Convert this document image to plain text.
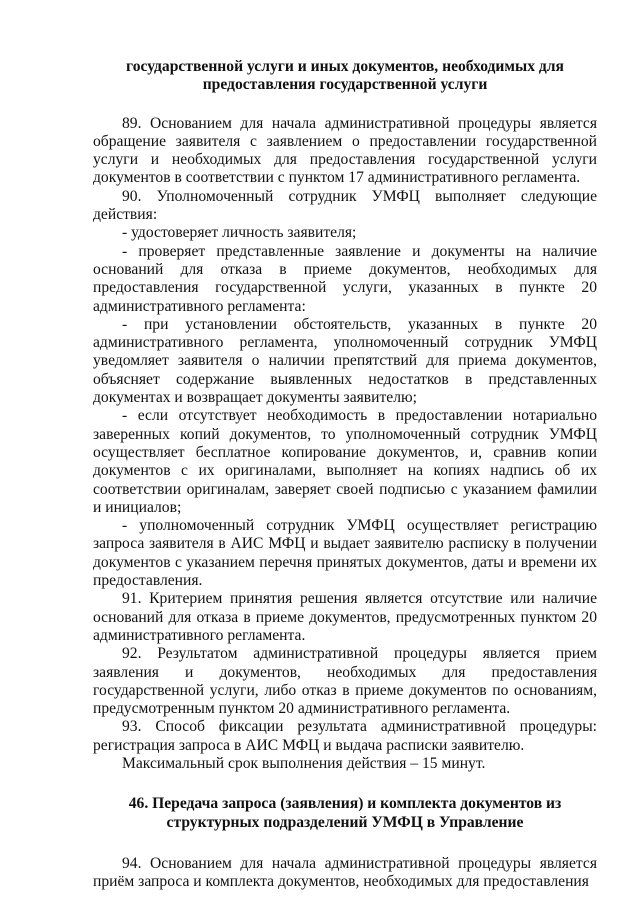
государственной услуги и иных документов, необходимых для предоставления государственной услуги

89. Основанием для начала административной процедуры является обращение заявителя с заявлением о предоставлении государственной услуги и необходимых для предоставления государственной услуги документов в соответствии с пунктом 17 административного регламента.

90. Уполномоченный сотрудник УМФЦ выполняет следующие действия:

- удостоверяет личность заявителя;

- проверяет представленные заявление и документы на наличие оснований для отказа в приеме документов, необходимых для предоставления государственной услуги, указанных в пункте 20 административного регламента:

- при установлении обстоятельств, указанных в пункте 20 административного регламента, уполномоченный сотрудник УМФЦ уведомляет заявителя о наличии препятствий для приема документов, объясняет содержание выявленных недостатков в представленных документах и возвращает документы заявителю;

- если отсутствует необходимость в предоставлении нотариально заверенных копий документов, то уполномоченный сотрудник УМФЦ осуществляет бесплатное копирование документов, и, сравнив копии документов с их оригиналами, выполняет на копиях надпись об их соответствии оригиналам, заверяет своей подписью с указанием фамилии и инициалов;

- уполномоченный сотрудник УМФЦ осуществляет регистрацию запроса заявителя в АИС МФЦ и выдает заявителю расписку в получении документов с указанием перечня принятых документов, даты и времени их предоставления.

91. Критерием принятия решения является отсутствие или наличие оснований для отказа в приеме документов, предусмотренных пунктом 20 административного регламента.

92. Результатом административной процедуры является прием заявления и документов, необходимых для предоставления государственной услуги, либо отказ в приеме документов по основаниям, предусмотренным пунктом 20 административного регламента.

93. Способ фиксации результата административной процедуры: регистрация запроса в АИС МФЦ и выдача расписки заявителю.

Максимальный срок выполнения действия – 15 минут.

46. Передача запроса (заявления) и комплекта документов из структурных подразделений УМФЦ в Управление

94. Основанием для начала административной процедуры является приём запроса и комплекта документов, необходимых для предоставления
